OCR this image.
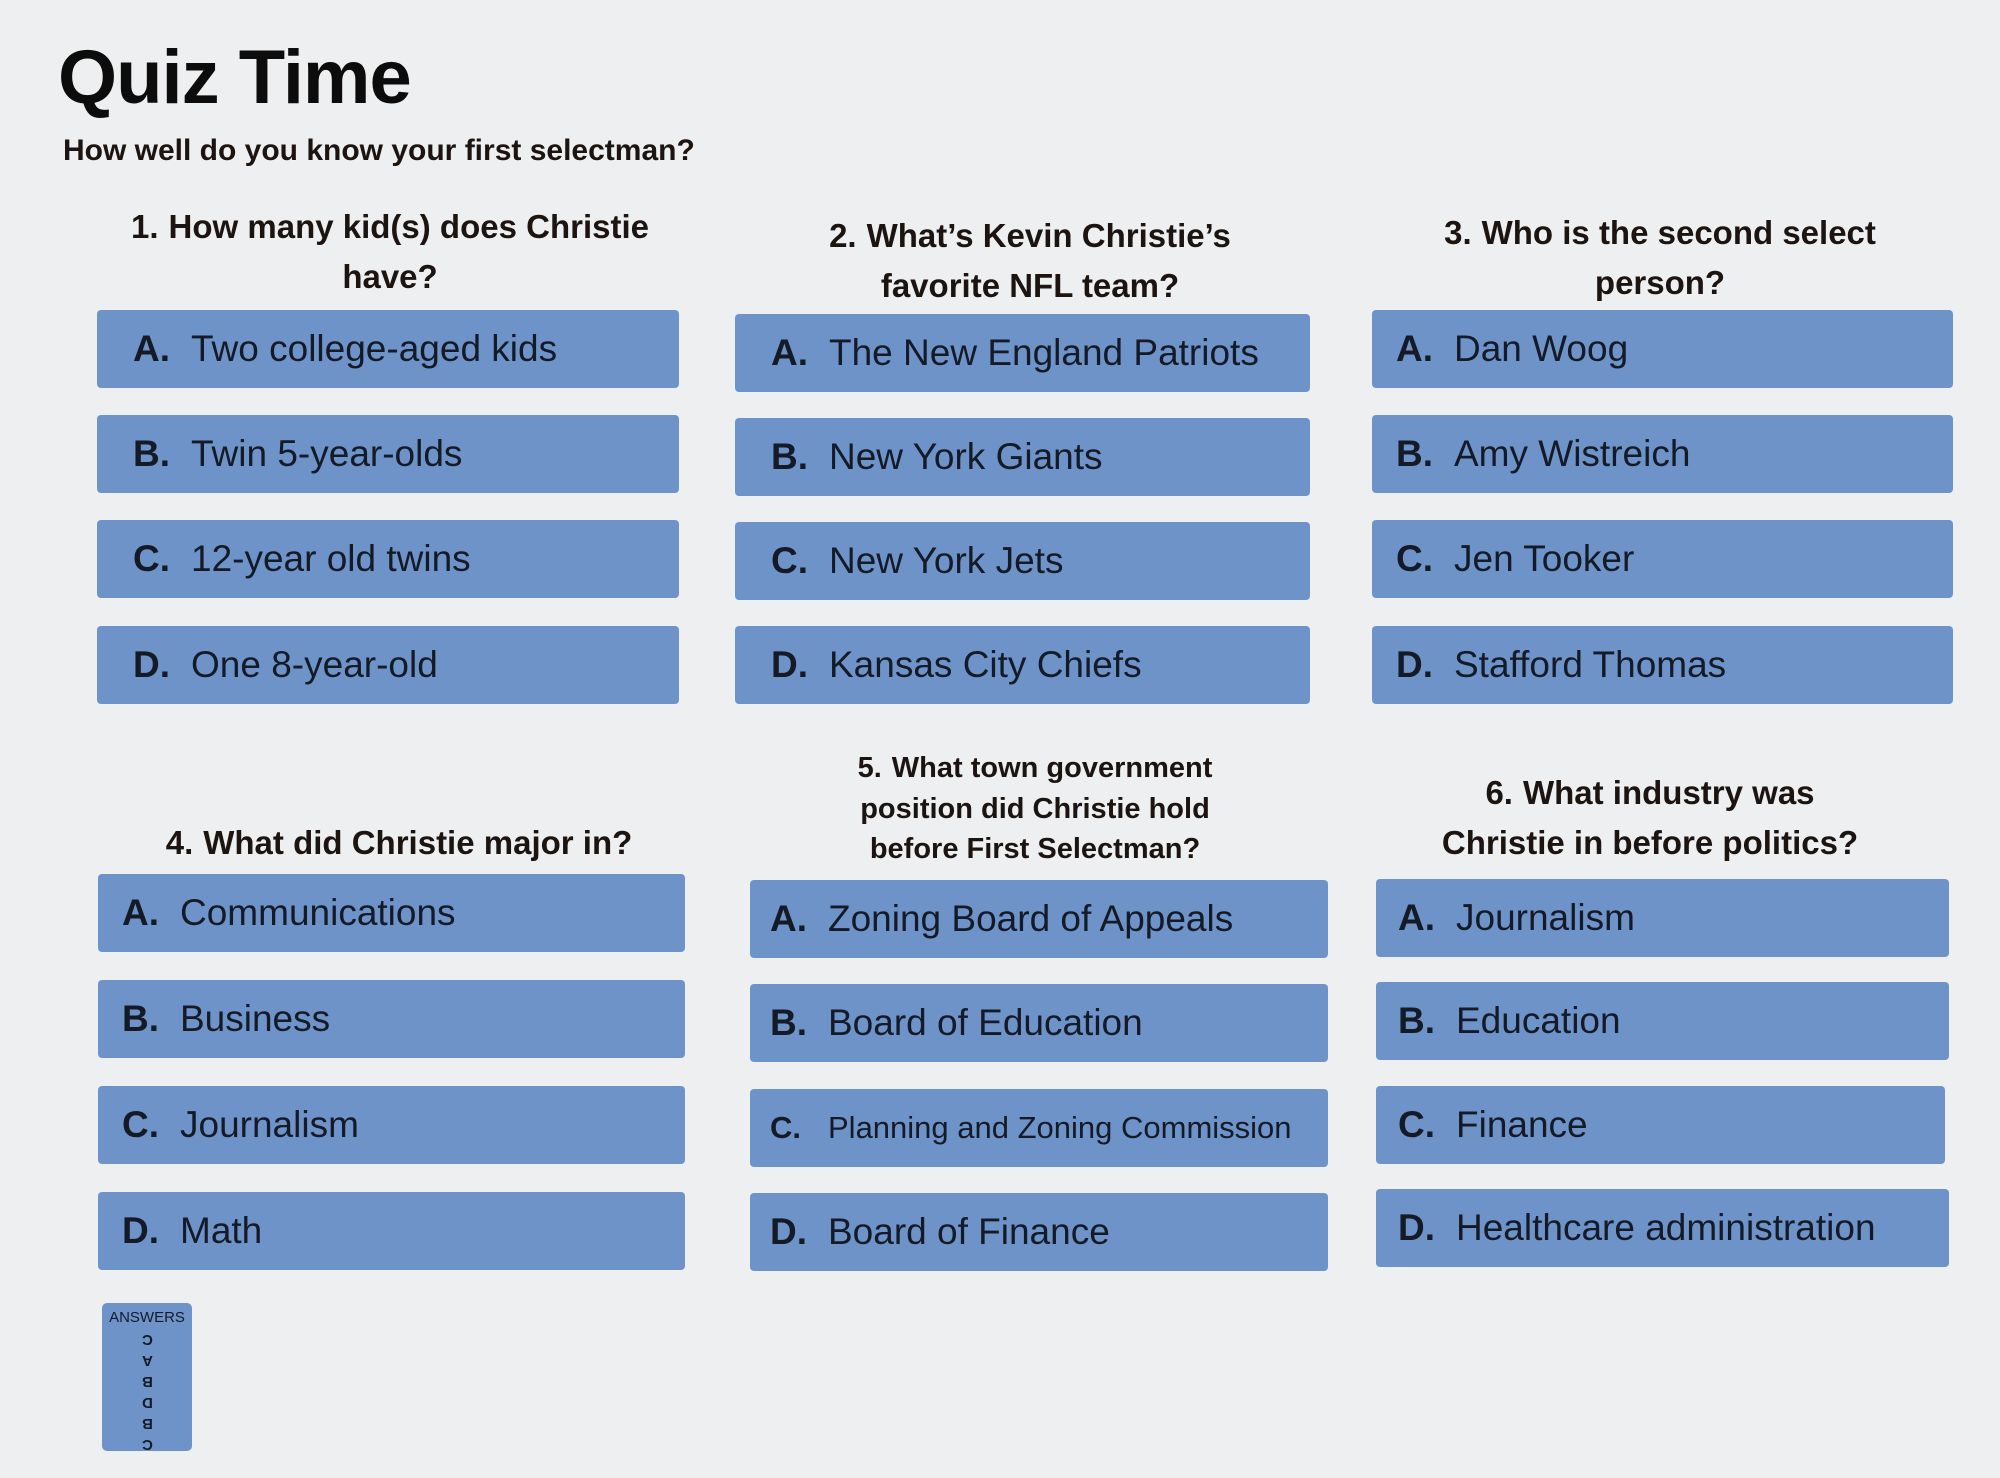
Quiz Time
How well do you know your first selectman?
1. How many kid(s) does Christie have?
A. Two college-aged kids
B. Twin 5-year-olds
C. 12-year old twins
D. One 8-year-old
2. What’s Kevin Christie’s favorite NFL team?
A. The New England Patriots
B. New York Giants
C. New York Jets
D. Kansas City Chiefs
3. Who is the second select person?
A. Dan Woog
B. Amy Wistreich
C. Jen Tooker
D. Stafford Thomas
4. What did Christie major in?
A. Communications
B. Business
C. Journalism
D. Math
5. What town government position did Christie hold before First Selectman?
A. Zoning Board of Appeals
B. Board of Education
C. Planning and Zoning Commission
D. Board of Finance
6. What industry was Christie in before politics?
A. Journalism
B. Education
C. Finance
D. Healthcare administration
ANSWERS
C
A
B
D
B
C
